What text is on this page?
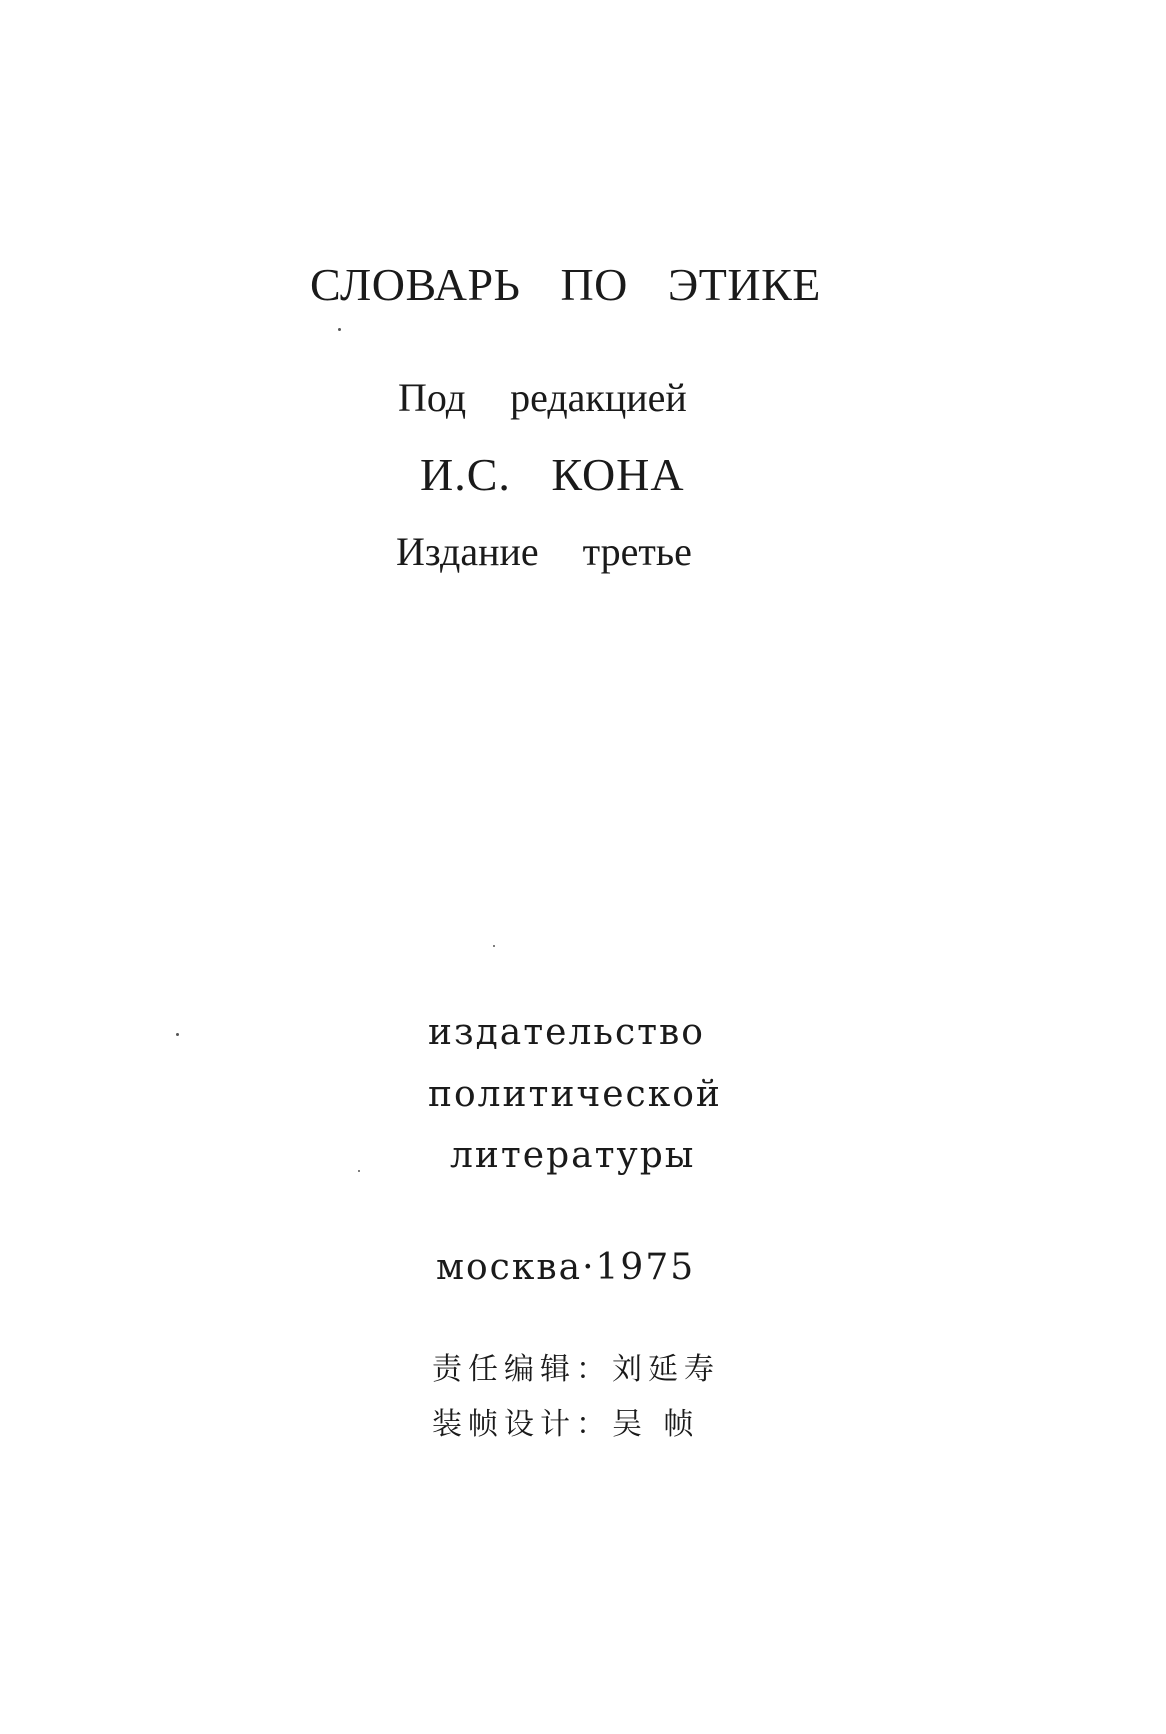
СЛОВАРЬ ПО ЭТИКЕ
Под редакцией
И.С. КОНА
Издание третье
издательство
политической
литературы
москва·1975
责任编辑：刘延寿
装帧设计：吴 帧
